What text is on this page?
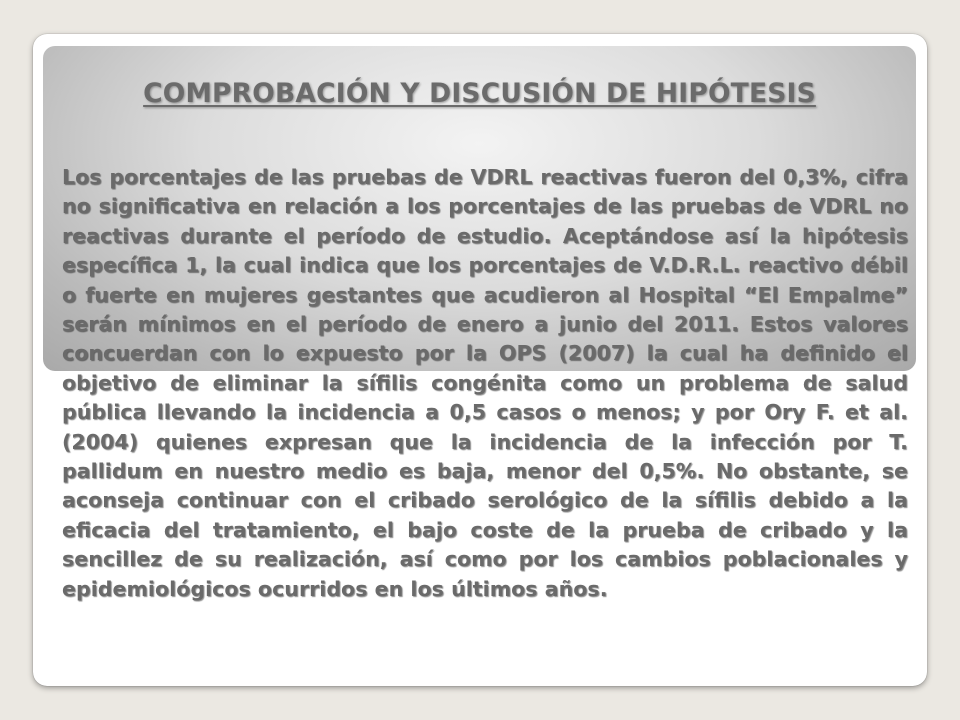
COMPROBACIÓN Y DISCUSIÓN DE HIPÓTESIS

Los porcentajes de las pruebas de VDRL reactivas fueron del 0,3%, cifra no significativa en relación a los porcentajes de las pruebas de VDRL no reactivas durante el período de estudio. Aceptándose así la hipótesis específica 1, la cual indica que los porcentajes de V.D.R.L. reactivo débil o fuerte en mujeres gestantes que acudieron al Hospital “El Empalme” serán mínimos en el período de enero a junio del 2011. Estos valores concuerdan con lo expuesto por la OPS (2007) la cual ha definido el objetivo de eliminar la sífilis congénita como un problema de salud pública llevando la incidencia a 0,5 casos o menos; y por Ory F. et al. (2004) quienes expresan que la incidencia de la infección por T. pallidum en nuestro medio es baja, menor del 0,5%. No obstante, se aconseja continuar con el cribado serológico de la sífilis debido a la eficacia del tratamiento, el bajo coste de la prueba de cribado y la sencillez de su realización, así como por los cambios poblacionales y epidemiológicos ocurridos en los últimos años.
